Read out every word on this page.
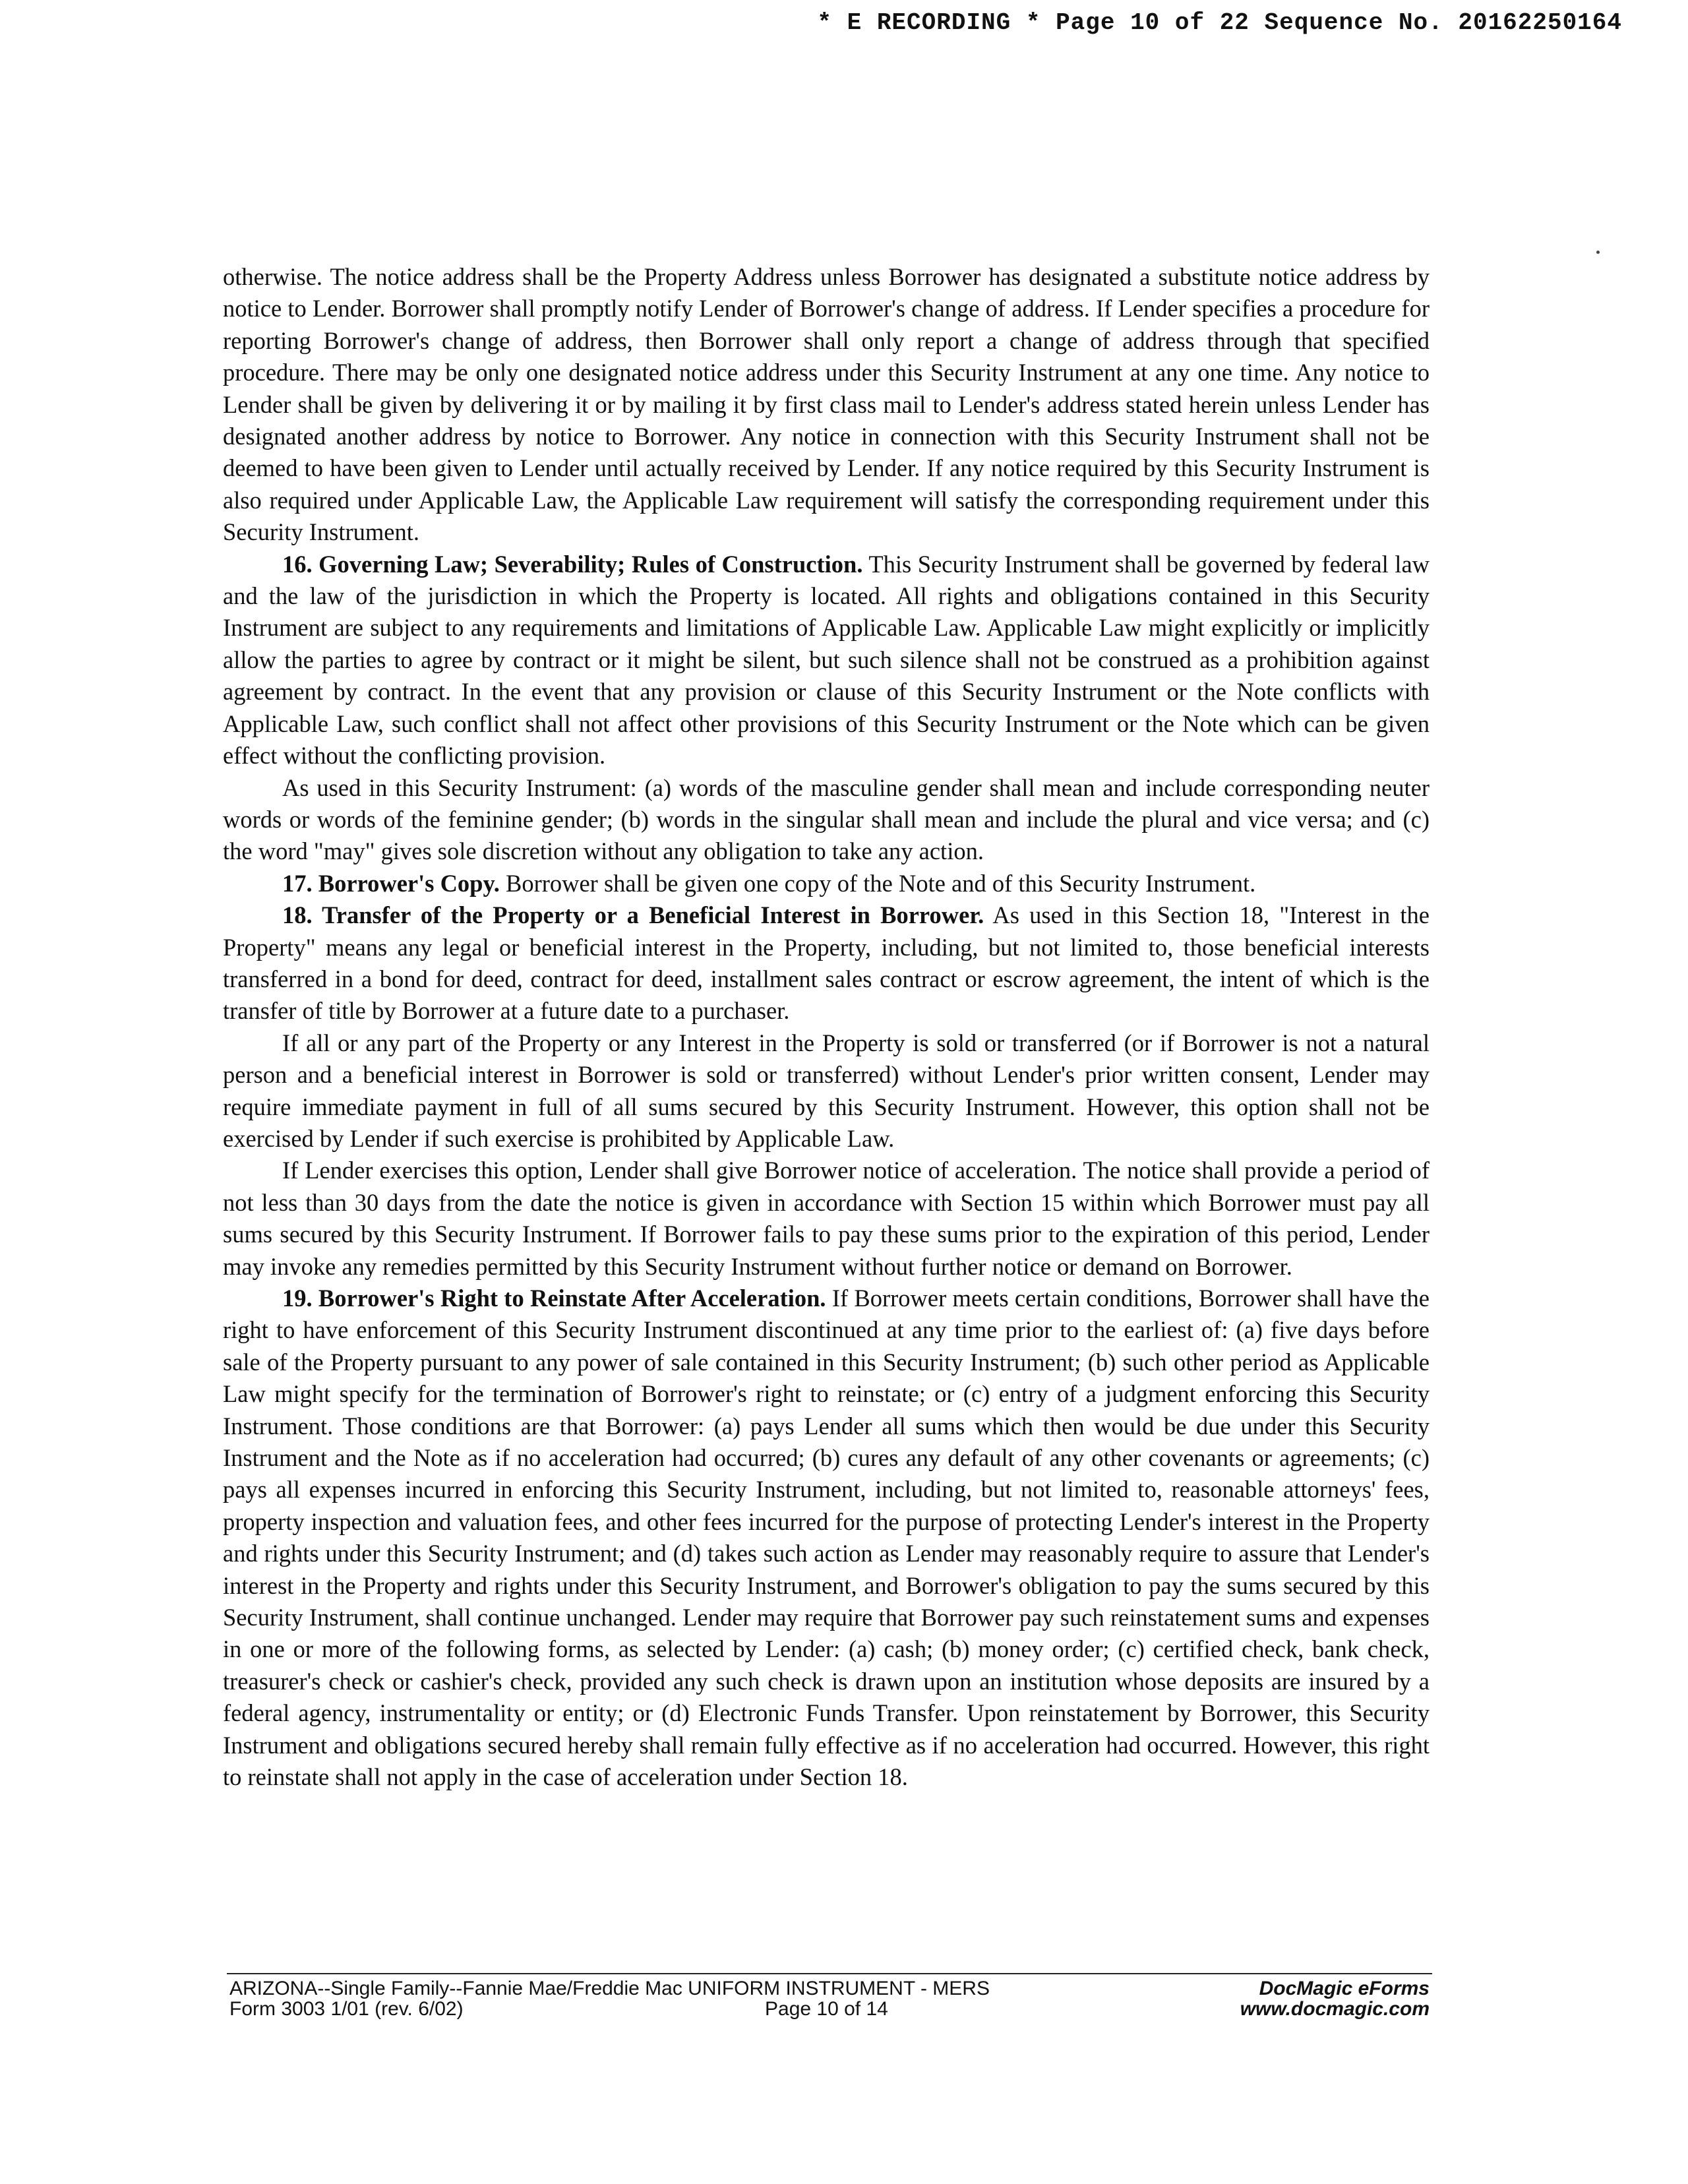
* E RECORDING * Page 10 of 22 Sequence No. 20162250164

otherwise. The notice address shall be the Property Address unless Borrower has designated a substitute notice address by notice to Lender. Borrower shall promptly notify Lender of Borrower's change of address. If Lender specifies a procedure for reporting Borrower's change of address, then Borrower shall only report a change of address through that specified procedure. There may be only one designated notice address under this Security Instrument at any one time. Any notice to Lender shall be given by delivering it or by mailing it by first class mail to Lender's address stated herein unless Lender has designated another address by notice to Borrower. Any notice in connection with this Security Instrument shall not be deemed to have been given to Lender until actually received by Lender. If any notice required by this Security Instrument is also required under Applicable Law, the Applicable Law requirement will satisfy the corresponding requirement under this Security Instrument.

16. Governing Law; Severability; Rules of Construction. This Security Instrument shall be governed by federal law and the law of the jurisdiction in which the Property is located. All rights and obligations contained in this Security Instrument are subject to any requirements and limitations of Applicable Law. Applicable Law might explicitly or implicitly allow the parties to agree by contract or it might be silent, but such silence shall not be construed as a prohibition against agreement by contract. In the event that any provision or clause of this Security Instrument or the Note conflicts with Applicable Law, such conflict shall not affect other provisions of this Security Instrument or the Note which can be given effect without the conflicting provision.

As used in this Security Instrument: (a) words of the masculine gender shall mean and include corresponding neuter words or words of the feminine gender; (b) words in the singular shall mean and include the plural and vice versa; and (c) the word "may" gives sole discretion without any obligation to take any action.

17. Borrower's Copy. Borrower shall be given one copy of the Note and of this Security Instrument.

18. Transfer of the Property or a Beneficial Interest in Borrower. As used in this Section 18, "Interest in the Property" means any legal or beneficial interest in the Property, including, but not limited to, those beneficial interests transferred in a bond for deed, contract for deed, installment sales contract or escrow agreement, the intent of which is the transfer of title by Borrower at a future date to a purchaser.

If all or any part of the Property or any Interest in the Property is sold or transferred (or if Borrower is not a natural person and a beneficial interest in Borrower is sold or transferred) without Lender's prior written consent, Lender may require immediate payment in full of all sums secured by this Security Instrument. However, this option shall not be exercised by Lender if such exercise is prohibited by Applicable Law.

If Lender exercises this option, Lender shall give Borrower notice of acceleration. The notice shall provide a period of not less than 30 days from the date the notice is given in accordance with Section 15 within which Borrower must pay all sums secured by this Security Instrument. If Borrower fails to pay these sums prior to the expiration of this period, Lender may invoke any remedies permitted by this Security Instrument without further notice or demand on Borrower.

19. Borrower's Right to Reinstate After Acceleration. If Borrower meets certain conditions, Borrower shall have the right to have enforcement of this Security Instrument discontinued at any time prior to the earliest of: (a) five days before sale of the Property pursuant to any power of sale contained in this Security Instrument; (b) such other period as Applicable Law might specify for the termination of Borrower's right to reinstate; or (c) entry of a judgment enforcing this Security Instrument. Those conditions are that Borrower: (a) pays Lender all sums which then would be due under this Security Instrument and the Note as if no acceleration had occurred; (b) cures any default of any other covenants or agreements; (c) pays all expenses incurred in enforcing this Security Instrument, including, but not limited to, reasonable attorneys' fees, property inspection and valuation fees, and other fees incurred for the purpose of protecting Lender's interest in the Property and rights under this Security Instrument; and (d) takes such action as Lender may reasonably require to assure that Lender's interest in the Property and rights under this Security Instrument, and Borrower's obligation to pay the sums secured by this Security Instrument, shall continue unchanged. Lender may require that Borrower pay such reinstatement sums and expenses in one or more of the following forms, as selected by Lender: (a) cash; (b) money order; (c) certified check, bank check, treasurer's check or cashier's check, provided any such check is drawn upon an institution whose deposits are insured by a federal agency, instrumentality or entity; or (d) Electronic Funds Transfer. Upon reinstatement by Borrower, this Security Instrument and obligations secured hereby shall remain fully effective as if no acceleration had occurred. However, this right to reinstate shall not apply in the case of acceleration under Section 18.

ARIZONA--Single Family--Fannie Mae/Freddie Mac UNIFORM INSTRUMENT - MERS
Form 3003 1/01 (rev. 6/02)	Page 10 of 14
DocMagic eForms
www.docmagic.com
